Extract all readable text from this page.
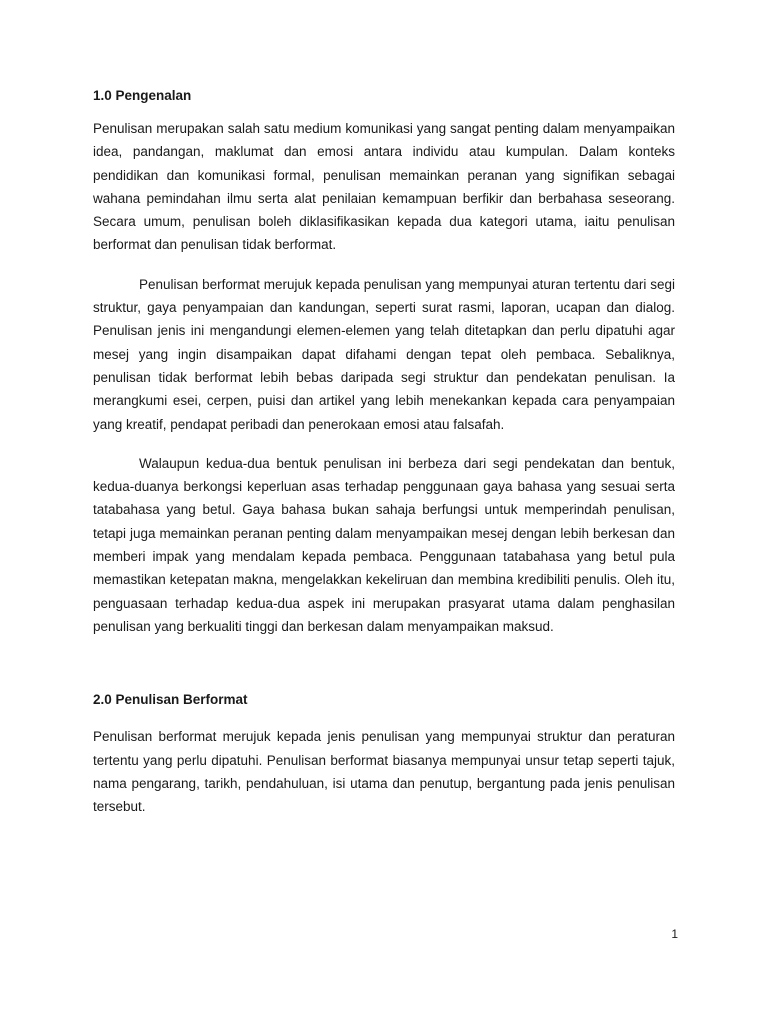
1.0 Pengenalan

Penulisan merupakan salah satu medium komunikasi yang sangat penting dalam menyampaikan idea, pandangan, maklumat dan emosi antara individu atau kumpulan. Dalam konteks pendidikan dan komunikasi formal, penulisan memainkan peranan yang signifikan sebagai wahana pemindahan ilmu serta alat penilaian kemampuan berfikir dan berbahasa seseorang. Secara umum, penulisan boleh diklasifikasikan kepada dua kategori utama, iaitu penulisan berformat dan penulisan tidak berformat.

Penulisan berformat merujuk kepada penulisan yang mempunyai aturan tertentu dari segi struktur, gaya penyampaian dan kandungan, seperti surat rasmi, laporan, ucapan dan dialog. Penulisan jenis ini mengandungi elemen-elemen yang telah ditetapkan dan perlu dipatuhi agar mesej yang ingin disampaikan dapat difahami dengan tepat oleh pembaca. Sebaliknya, penulisan tidak berformat lebih bebas daripada segi struktur dan pendekatan penulisan. Ia merangkumi esei, cerpen, puisi dan artikel yang lebih menekankan kepada cara penyampaian yang kreatif, pendapat peribadi dan penerokaan emosi atau falsafah.

Walaupun kedua-dua bentuk penulisan ini berbeza dari segi pendekatan dan bentuk, kedua-duanya berkongsi keperluan asas terhadap penggunaan gaya bahasa yang sesuai serta tatabahasa yang betul. Gaya bahasa bukan sahaja berfungsi untuk memperindah penulisan, tetapi juga memainkan peranan penting dalam menyampaikan mesej dengan lebih berkesan dan memberi impak yang mendalam kepada pembaca. Penggunaan tatabahasa yang betul pula memastikan ketepatan makna, mengelakkan kekeliruan dan membina kredibiliti penulis. Oleh itu, penguasaan terhadap kedua-dua aspek ini merupakan prasyarat utama dalam penghasilan penulisan yang berkualiti tinggi dan berkesan dalam menyampaikan maksud.

2.0 Penulisan Berformat

Penulisan berformat merujuk kepada jenis penulisan yang mempunyai struktur dan peraturan tertentu yang perlu dipatuhi. Penulisan berformat biasanya mempunyai unsur tetap seperti tajuk, nama pengarang, tarikh, pendahuluan, isi utama dan penutup, bergantung pada jenis penulisan tersebut.

1
